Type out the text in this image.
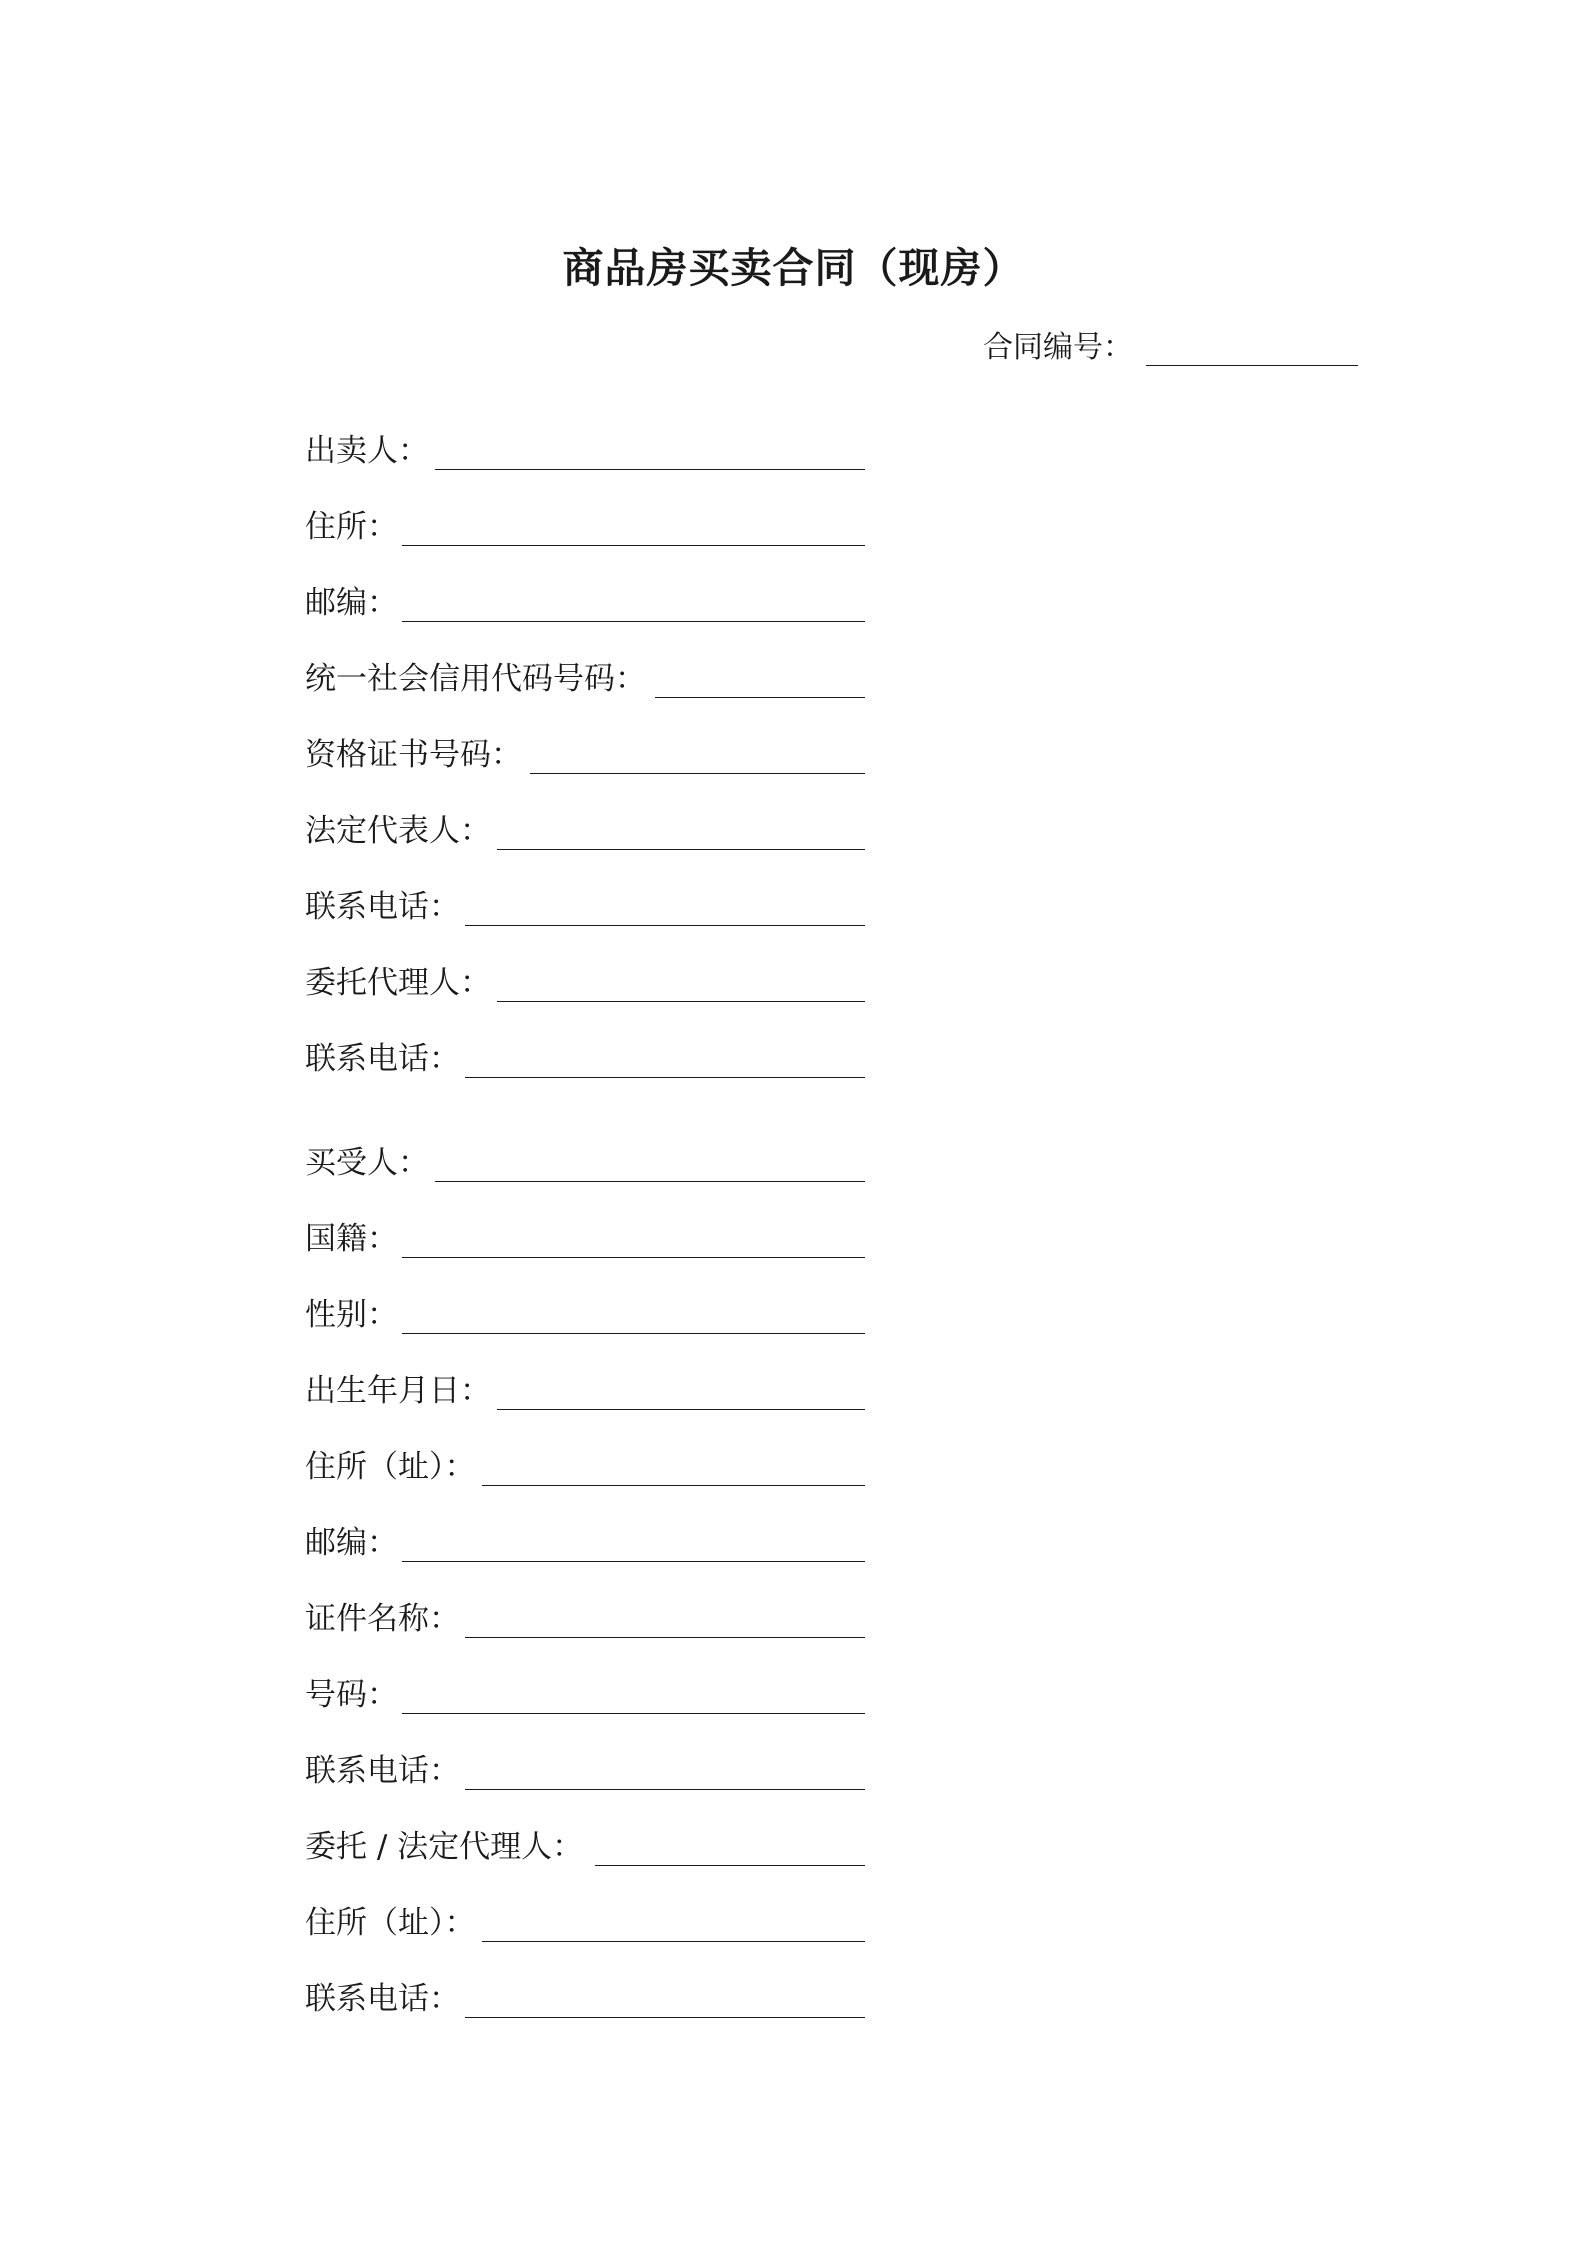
商品房买卖合同（现房）
合同编号：
出卖人：
住所：
邮编：
统一社会信用代码号码：
资格证书号码：
法定代表人：
联系电话：
委托代理人：
联系电话：
买受人：
国籍：
性别：
出生年月日：
住所（址）：
邮编：
证件名称：
号码：
联系电话：
委托 / 法定代理人：
住所（址）：
联系电话：
